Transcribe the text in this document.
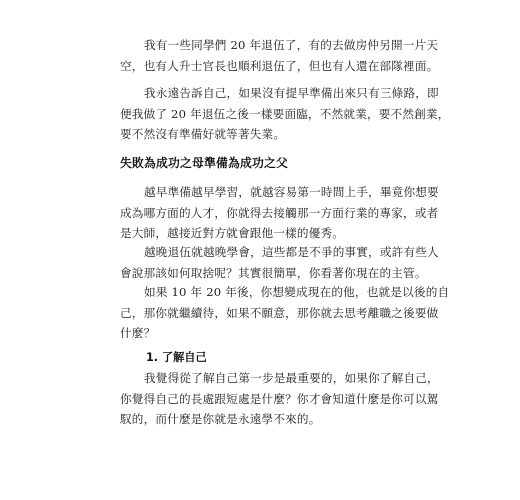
我有一些同學們 20 年退伍了，有的去做房仲另開一片天
空，也有人升士官長也順利退伍了，但也有人還在部隊裡面。
我永遠告訴自己，如果沒有提早準備出來只有三條路，即
便我做了 20 年退伍之後一樣要面臨，不然就業，要不然創業，
要不然沒有準備好就等著失業。
失敗為成功之母準備為成功之父
越早準備越早學習，就越容易第一時間上手，畢竟你想要
成為哪方面的人才，你就得去接觸那一方面行業的專家，或者
是大師，越接近對方就會跟他一樣的優秀。
越晚退伍就越晚學會，這些都是不爭的事實，或許有些人
會說那該如何取捨呢？其實很簡單，你看著你現在的主管。
如果 10 年 20 年後，你想變成現在的他，也就是以後的自
己，那你就繼續待，如果不願意，那你就去思考離職之後要做
什麼？
1. 了解自己
我覺得從了解自己第一步是最重要的，如果你了解自己，
你覺得自己的長處跟短處是什麼？你才會知道什麼是你可以駕
馭的，而什麼是你就是永遠學不來的。
